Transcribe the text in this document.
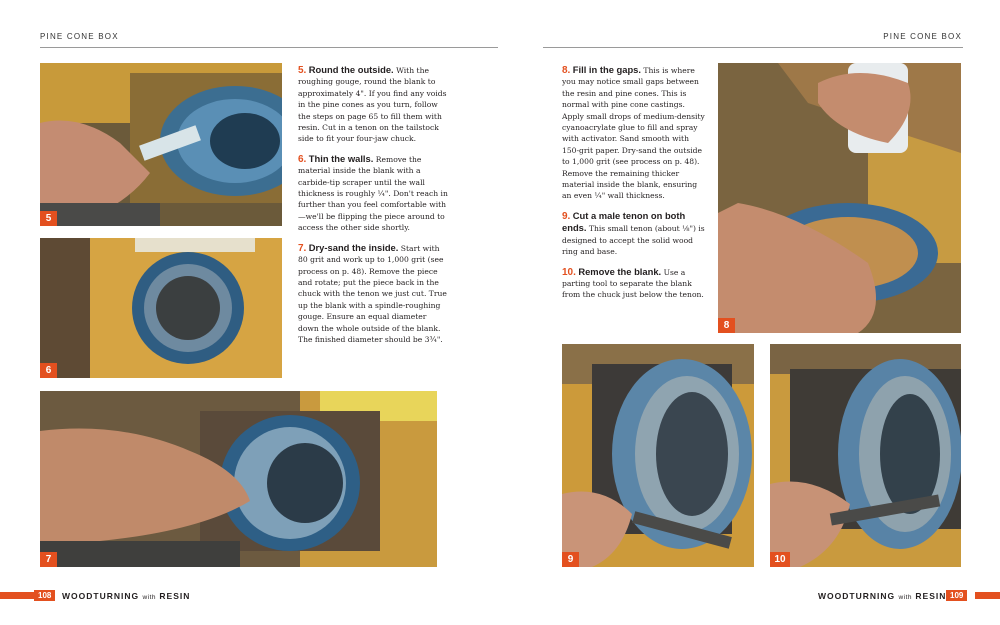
PINE CONE BOX	PINE CONE BOX
5
6
7
8
9	10

5. Round the outside. With the roughing gouge, round the blank to approximately 4". If you find any voids in the pine cones as you turn, follow the steps on page 65 to fill them with resin. Cut in a tenon on the tailstock side to fit your four-jaw chuck.

6. Thin the walls. Remove the material inside the blank with a carbide-tip scraper until the wall thickness is roughly ¼". Don't reach in further than you feel comfortable with—we'll be flipping the piece around to access the other side shortly.

7. Dry-sand the inside. Start with 80 grit and work up to 1,000 grit (see process on p. 48). Remove the piece and rotate; put the piece back in the chuck with the tenon we just cut. True up the blank with a spindle-roughing gouge. Ensure an equal diameter down the whole outside of the blank. The finished diameter should be 3¾".

8. Fill in the gaps. This is where you may notice small gaps between the resin and pine cones. This is normal with pine cone castings. Apply small drops of medium-density cyanoacrylate glue to fill and spray with activator. Sand smooth with 150-grit paper. Dry-sand the outside to 1,000 grit (see process on p. 48). Remove the remaining thicker material inside the blank, ensuring an even ¼" wall thickness.

9. Cut a male tenon on both ends. This small tenon (about ⅛") is designed to accept the solid wood ring and base.

10. Remove the blank. Use a parting tool to separate the blank from the chuck just below the tenon.

108	WOODTURNING with RESIN	WOODTURNING with RESIN 109
